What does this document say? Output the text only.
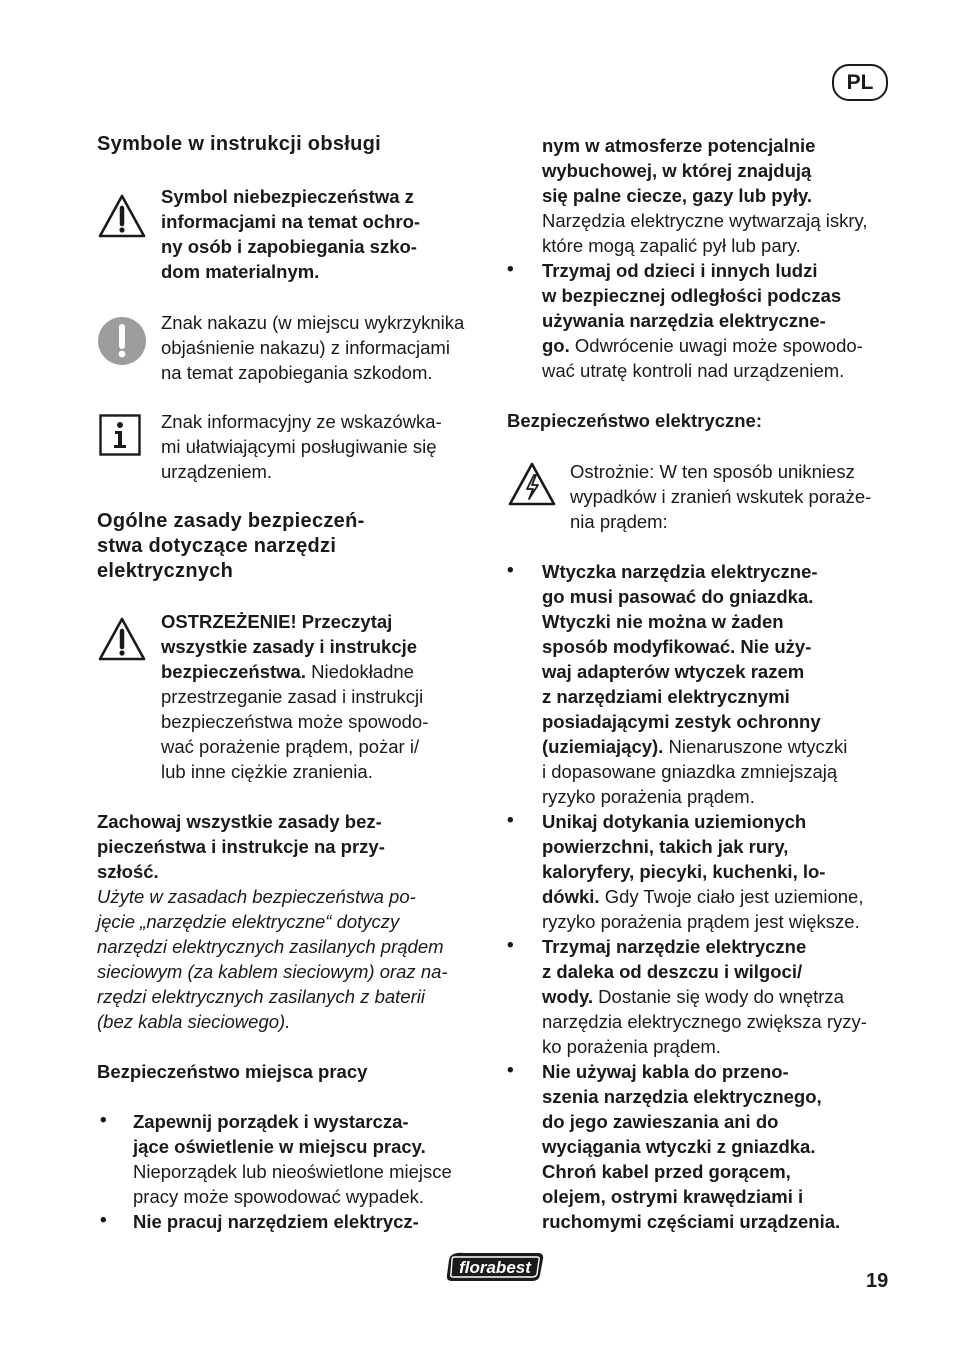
PL
Symbole w instrukcji obsługi
Symbol niebezpieczeństwa z
informacjami na temat ochro-
ny osób i zapobiegania szko-
dom materialnym.
Znak nakazu (w miejscu wykrzyknika
objaśnienie nakazu) z informacjami
na temat zapobiegania szkodom.
Znak informacyjny ze wskazówka-
mi ułatwiającymi posługiwanie się
urządzeniem.
Ogólne zasady bezpieczeń-
stwa dotyczące narzędzi
elektrycznych
OSTRZEŻENIE! Przeczytaj
wszystkie zasady i instrukcje
bezpieczeństwa. Niedokładne
przestrzeganie zasad i instrukcji
bezpieczeństwa może spowodo-
wać porażenie prądem, pożar i/
lub inne ciężkie zranienia.
Zachowaj wszystkie zasady bez-
pieczeństwa i instrukcje na przy-
szłość.
Użyte w zasadach bezpieczeństwa po-
jęcie „narzędzie elektryczne“ dotyczy
narzędzi elektrycznych zasilanych prądem
sieciowym (za kablem sieciowym) oraz na-
rzędzi elektrycznych zasilanych z baterii
(bez kabla sieciowego).
Bezpieczeństwo miejsca pracy
• Zapewnij porządek i wystarcza-
jące oświetlenie w miejscu pracy.
Nieporządek lub nieoświetlone miejsce
pracy może spowodować wypadek.
• Nie pracuj narzędziem elektrycz-
nym w atmosferze potencjalnie
wybuchowej, w której znajdują
się palne ciecze, gazy lub pyły.
Narzędzia elektryczne wytwarzają iskry,
które mogą zapalić pył lub pary.
• Trzymaj od dzieci i innych ludzi
w bezpiecznej odległości podczas
używania narzędzia elektryczne-
go. Odwrócenie uwagi może spowodo-
wać utratę kontroli nad urządzeniem.
Bezpieczeństwo elektryczne:
Ostrożnie: W ten sposób unikniesz
wypadków i zranień wskutek poraże-
nia prądem:
• Wtyczka narzędzia elektryczne-
go musi pasować do gniazdka.
Wtyczki nie można w żaden
sposób modyfikować. Nie uży-
waj adapterów wtyczek razem
z narzędziami elektrycznymi
posiadającymi zestyk ochronny
(uziemiający). Nienaruszone wtyczki
i dopasowane gniazdka zmniejszają
ryzyko porażenia prądem.
• Unikaj dotykania uziemionych
powierzchni, takich jak rury,
kaloryfery, piecyki, kuchenki, lo-
dówki. Gdy Twoje ciało jest uziemione,
ryzyko porażenia prądem jest większe.
• Trzymaj narzędzie elektryczne
z daleka od deszczu i wilgoci/
wody. Dostanie się wody do wnętrza
narzędzia elektrycznego zwiększa ryzy-
ko porażenia prądem.
• Nie używaj kabla do przeno-
szenia narzędzia elektrycznego,
do jego zawieszania ani do
wyciągania wtyczki z gniazdka.
Chroń kabel przed gorącem,
olejem, ostrymi krawędziami i
ruchomymi częściami urządzenia.
florabest
19
